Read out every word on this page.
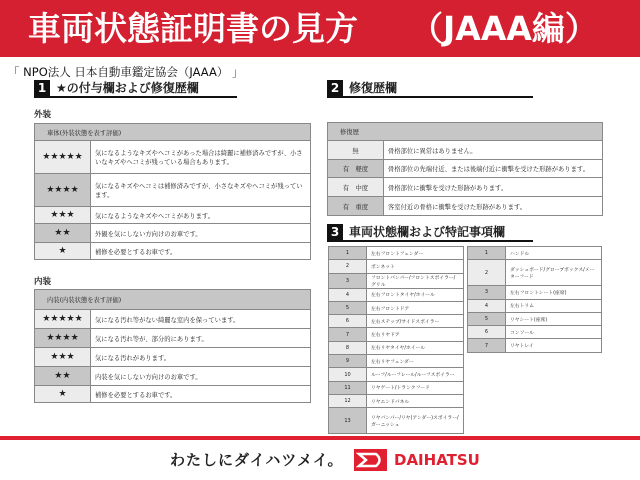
車両状態証明書の見方 （JAAA編）
「 NPO法人 日本自動車鑑定協会（JAAA） 」
1 ★の付与欄および修復歴欄
外装
車体(外装状態を表す評価)	
★★★★★	気になるようなキズやヘコミがあった場合は綺麗に補修済みですが、小さいなキズやヘコミが残っている場合もあります。
★★★★	気になるキズやヘコミは補修済みですが、小さなキズやヘコミが残っています。
★★★	気になるようなキズやヘコミがあります。
★★	外観を気にしない方向けのお車です。
★	補修を必要とするお車です。
内装
内装(内装状態を表す評価)	
★★★★★	気になる汚れ等がない綺麗な室内を保っています。
★★★★	気になる汚れ等が、部分的にあります。
★★★	気になる汚れがあります。
★★	内装を気にしない方向けのお車です。
★	補修を必要とするお車です。
2 修復歴欄
修復歴	
無	骨格部位に異常はありません。
有　軽度	骨格部位の先端付近、または後端付近に衝撃を受けた形跡があります。
有　中度	骨格部位に衝撃を受けた形跡があります。
有　重度	客室付近の骨格に衝撃を受けた形跡があります。
3 車両状態欄および特記事項欄
1	左右フロントフェンダー
2	ボンネット
3	フロントバンパー/フロントスポイラー/グリル
4	左右フロントタイヤ/ホイール
5	左右フロントドア
6	左右ステップ/サイドスポイラー
7	左右リヤドア
8	左右リヤタイヤ/ホイール
9	左右リヤフェンダー
10	ルーフ/ルーフレール/ルーフスポイラー
11	リヤゲート/トランクフード
12	リヤエンドパネル
13	リヤバンパー/リヤ(アンダー)スポイラー/ガーニッシュ
1	ハンドル
2	ダッシュボード/グローブボックス/メーターフード
3	左右フロントシート(座席)
4	左右トリム
5	リヤシート(座席)
6	コンソール
7	リヤトレイ
わたしにダイハツメイ。	DAIHATSU
